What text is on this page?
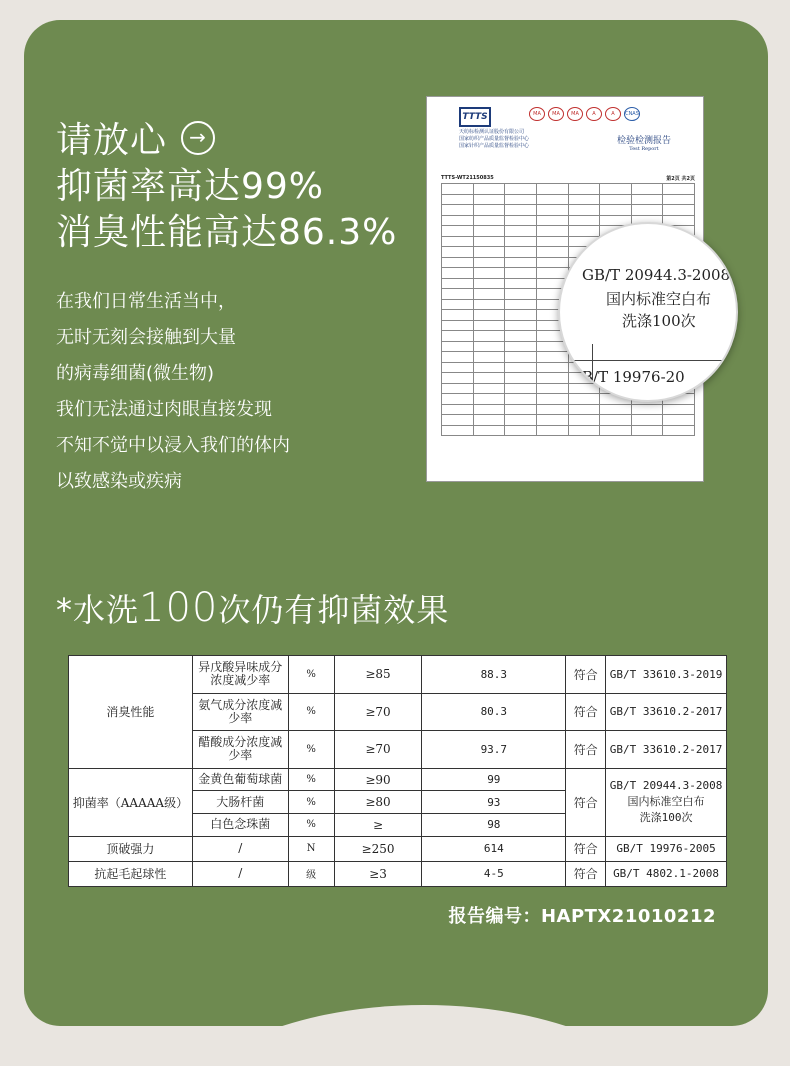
请放心 →
抑菌率高达99%
消臭性能高达86.3%
在我们日常生活当中，
无时无刻会接触到大量
的病毒细菌(微生物)
我们无法通过肉眼直接发现
不知不觉中以浸入我们的体内
以致感染或疾病
TTTS	MA MA MA	A	A CNAS
天纺标检测认证股份有限公司
国家纺织产品质量监督检验中心
国家针织产品质量监督检验中心	检验检测报告
Test Report
TTTS-WT21150835	第2页 共2页

GB/T 20944.3-2008
国内标准空白布
洗涤100次
B/T 19976-20
*水洗100次仍有抑菌效果
消臭性能	异戊酸异味成分浓度减少率	%	≥85	88.3	符合	GB/T 33610.3-2019
	氨气成分浓度减少率	%	≥70	80.3	符合	GB/T 33610.2-2017
	醋酸成分浓度减少率	%	≥70	93.7	符合	GB/T 33610.2-2017
抑菌率（AAAAA级）	金黄色葡萄球菌	%	≥90	99	符合	GB/T 20944.3-2008
国内标准空白布
洗涤100次

	大肠杆菌	%	≥80	93		
	白色念珠菌	%	≥	98		
顶破强力	/	N	≥250	614	符合	GB/T 19976-2005
抗起毛起球性	/	级	≥3	4-5	符合	GB/T 4802.1-2008
报告编号：HAPTX21010212
